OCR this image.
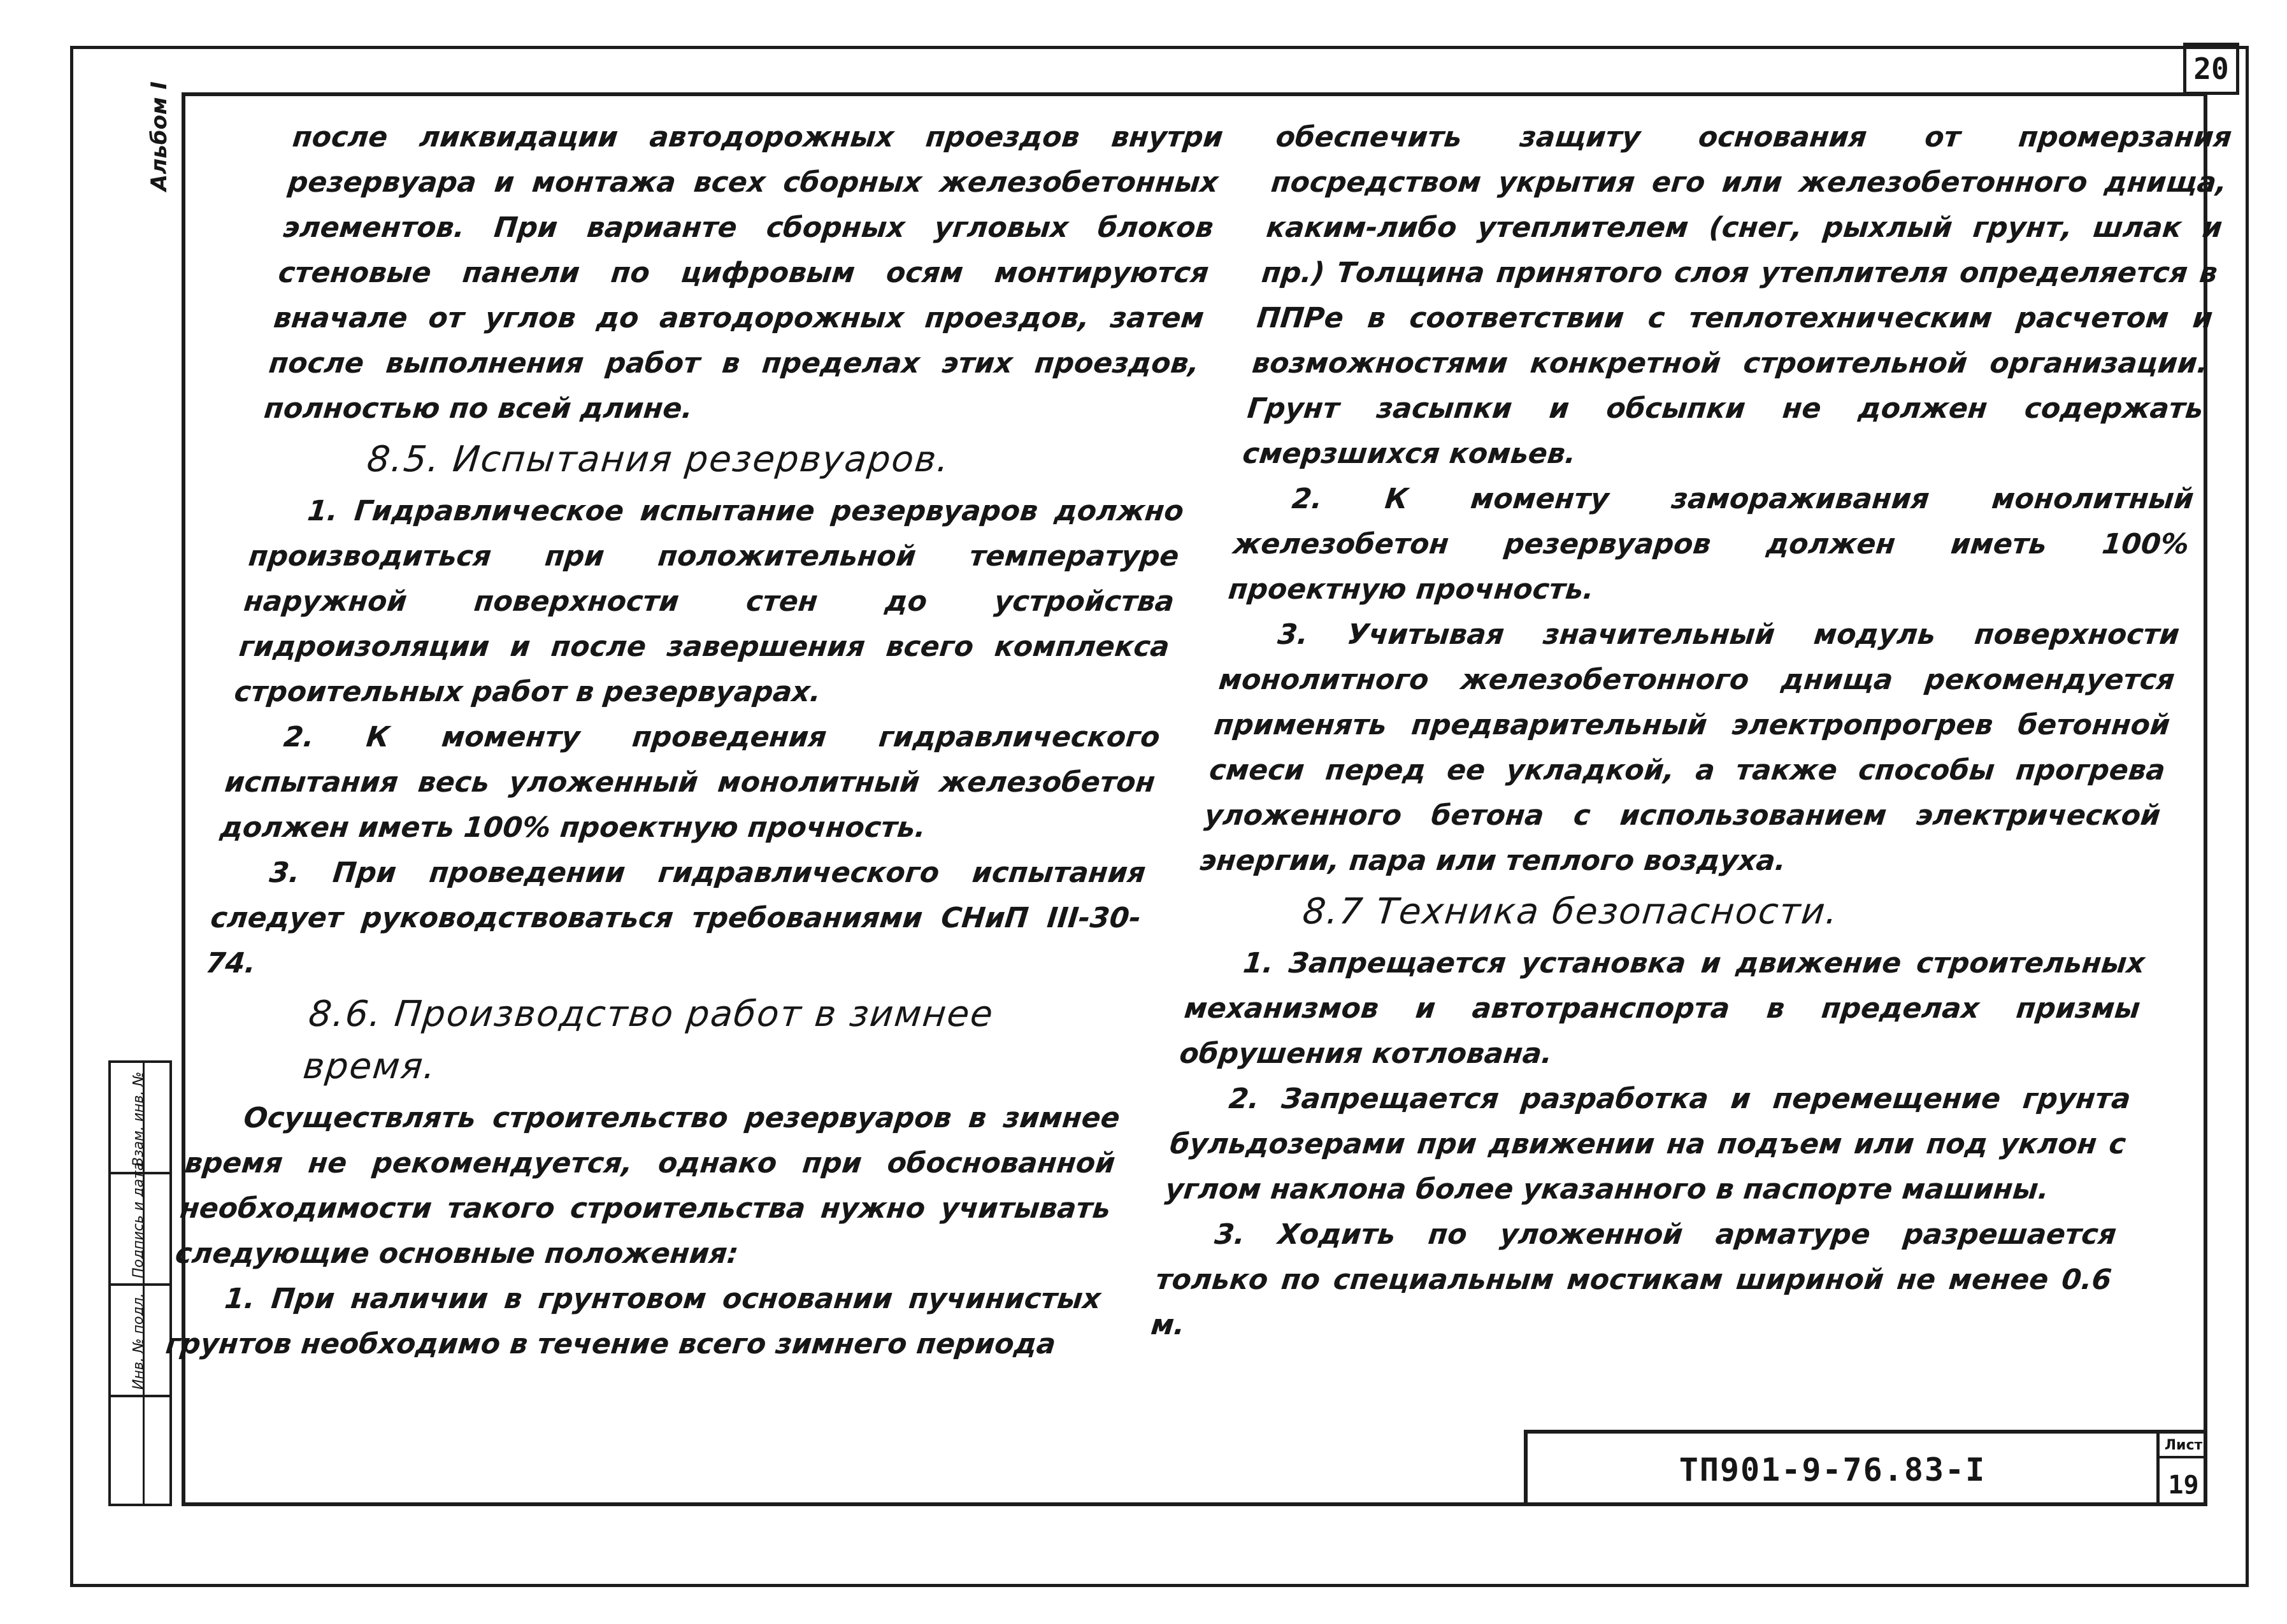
20
Альбом I
Взам. инв. №
Подпись и дата
Инв. № подл.

после ликвидации автодорожных проездов внутри резервуара и монтажа всех сборных железобетонных элементов. При варианте сборных угловых блоков стеновые панели по цифровым осям монтируются вначале от углов до автодорожных проездов, затем после выполнения работ в пределах этих проездов, полностью по всей длине.

8.5. Испытания резервуаров.

1. Гидравлическое испытание резервуаров должно производиться при положительной температуре наружной поверхности стен до устройства гидроизоляции и после завершения всего комплекса строительных работ в резервуарах.

2. К моменту проведения гидравлического испытания весь уложенный монолитный железобетон должен иметь 100% проектную прочность.

3. При проведении гидравлического испытания следует руководствоваться требованиями СНиП III-30-74.

8.6. Производство работ в зимнее время.

Осуществлять строительство резервуаров в зимнее время не рекомендуется, однако при обоснованной необходимости такого строительства нужно учитывать следующие основные положения:

1. При наличии в грунтовом основании пучинистых грунтов необходимо в течение всего зимнего периода

обеспечить защиту основания от промерзания посредством укрытия его или железобетонного днища, каким-либо утеплителем (снег, рыхлый грунт, шлак и пр.) Толщина принятого слоя утеплителя определяется в ППРе в соответствии с теплотехническим расчетом и возможностями конкретной строительной организации. Грунт засыпки и обсыпки не должен содержать смерзшихся комьев.

2. К моменту замораживания монолитный железобетон резервуаров должен иметь 100% проектную прочность.

3. Учитывая значительный модуль поверхности монолитного железобетонного днища рекомендуется применять предварительный электропрогрев бетонной смеси перед ее укладкой, а также способы прогрева уложенного бетона с использованием электрической энергии, пара или теплого воздуха.

8.7 Техника безопасности.

1. Запрещается установка и движение строительных механизмов и автотранспорта в пределах призмы обрушения котлована.

2. Запрещается разработка и перемещение грунта бульдозерами при движении на подъем или под уклон с углом наклона более указанного в паспорте машины.

3. Ходить по уложенной арматуре разрешается только по специальным мостикам шириной не менее 0.6 м.

ТП901-9-76.83-I
Лист
19
